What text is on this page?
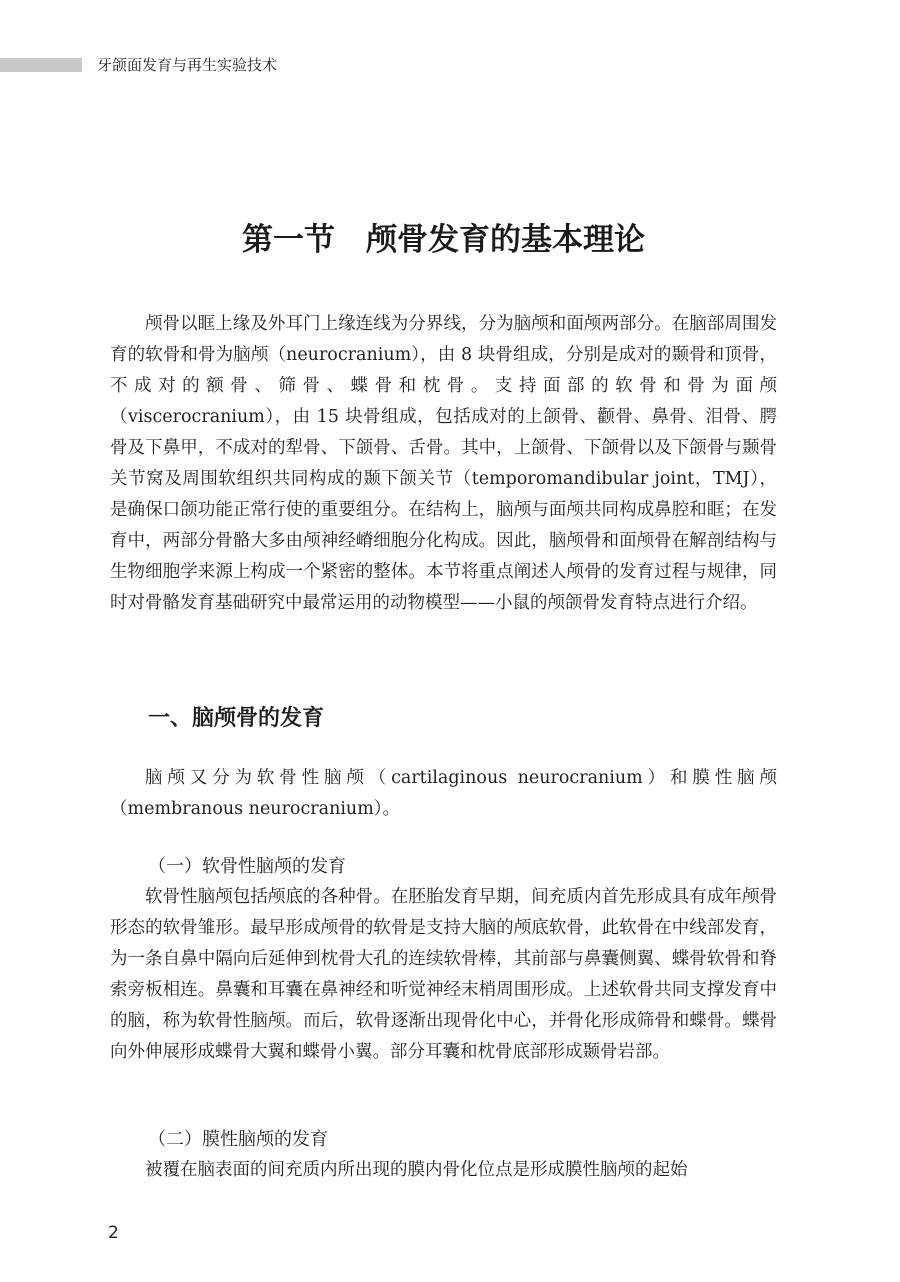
牙颌面发育与再生实验技术
第一节　颅骨发育的基本理论

颅骨以眶上缘及外耳门上缘连线为分界线，分为脑颅和面颅两部分。在脑部周围发育的软骨和骨为脑颅（neurocranium），由 8 块骨组成，分别是成对的颞骨和顶骨，不成对的额骨、筛骨、蝶骨和枕骨。支持面部的软骨和骨为面颅（viscerocranium），由 15 块骨组成，包括成对的上颌骨、颧骨、鼻骨、泪骨、腭骨及下鼻甲，不成对的犁骨、下颌骨、舌骨。其中，上颌骨、下颌骨以及下颌骨与颞骨关节窝及周围软组织共同构成的颞下颌关节（temporomandibular joint，TMJ），是确保口颌功能正常行使的重要组分。在结构上，脑颅与面颅共同构成鼻腔和眶；在发育中，两部分骨骼大多由颅神经嵴细胞分化构成。因此，脑颅骨和面颅骨在解剖结构与生物细胞学来源上构成一个紧密的整体。本节将重点阐述人颅骨的发育过程与规律，同时对骨骼发育基础研究中最常运用的动物模型——小鼠的颅颌骨发育特点进行介绍。

一、脑颅骨的发育

脑颅又分为软骨性脑颅（cartilaginous neurocranium）和膜性脑颅（membranous neurocranium）。

（一）软骨性脑颅的发育

软骨性脑颅包括颅底的各种骨。在胚胎发育早期，间充质内首先形成具有成年颅骨形态的软骨雏形。最早形成颅骨的软骨是支持大脑的颅底软骨，此软骨在中线部发育，为一条自鼻中隔向后延伸到枕骨大孔的连续软骨棒，其前部与鼻囊侧翼、蝶骨软骨和脊索旁板相连。鼻囊和耳囊在鼻神经和听觉神经末梢周围形成。上述软骨共同支撑发育中的脑，称为软骨性脑颅。而后，软骨逐渐出现骨化中心，并骨化形成筛骨和蝶骨。蝶骨向外伸展形成蝶骨大翼和蝶骨小翼。部分耳囊和枕骨底部形成颞骨岩部。

（二）膜性脑颅的发育

被覆在脑表面的间充质内所出现的膜内骨化位点是形成膜性脑颅的起始

2
